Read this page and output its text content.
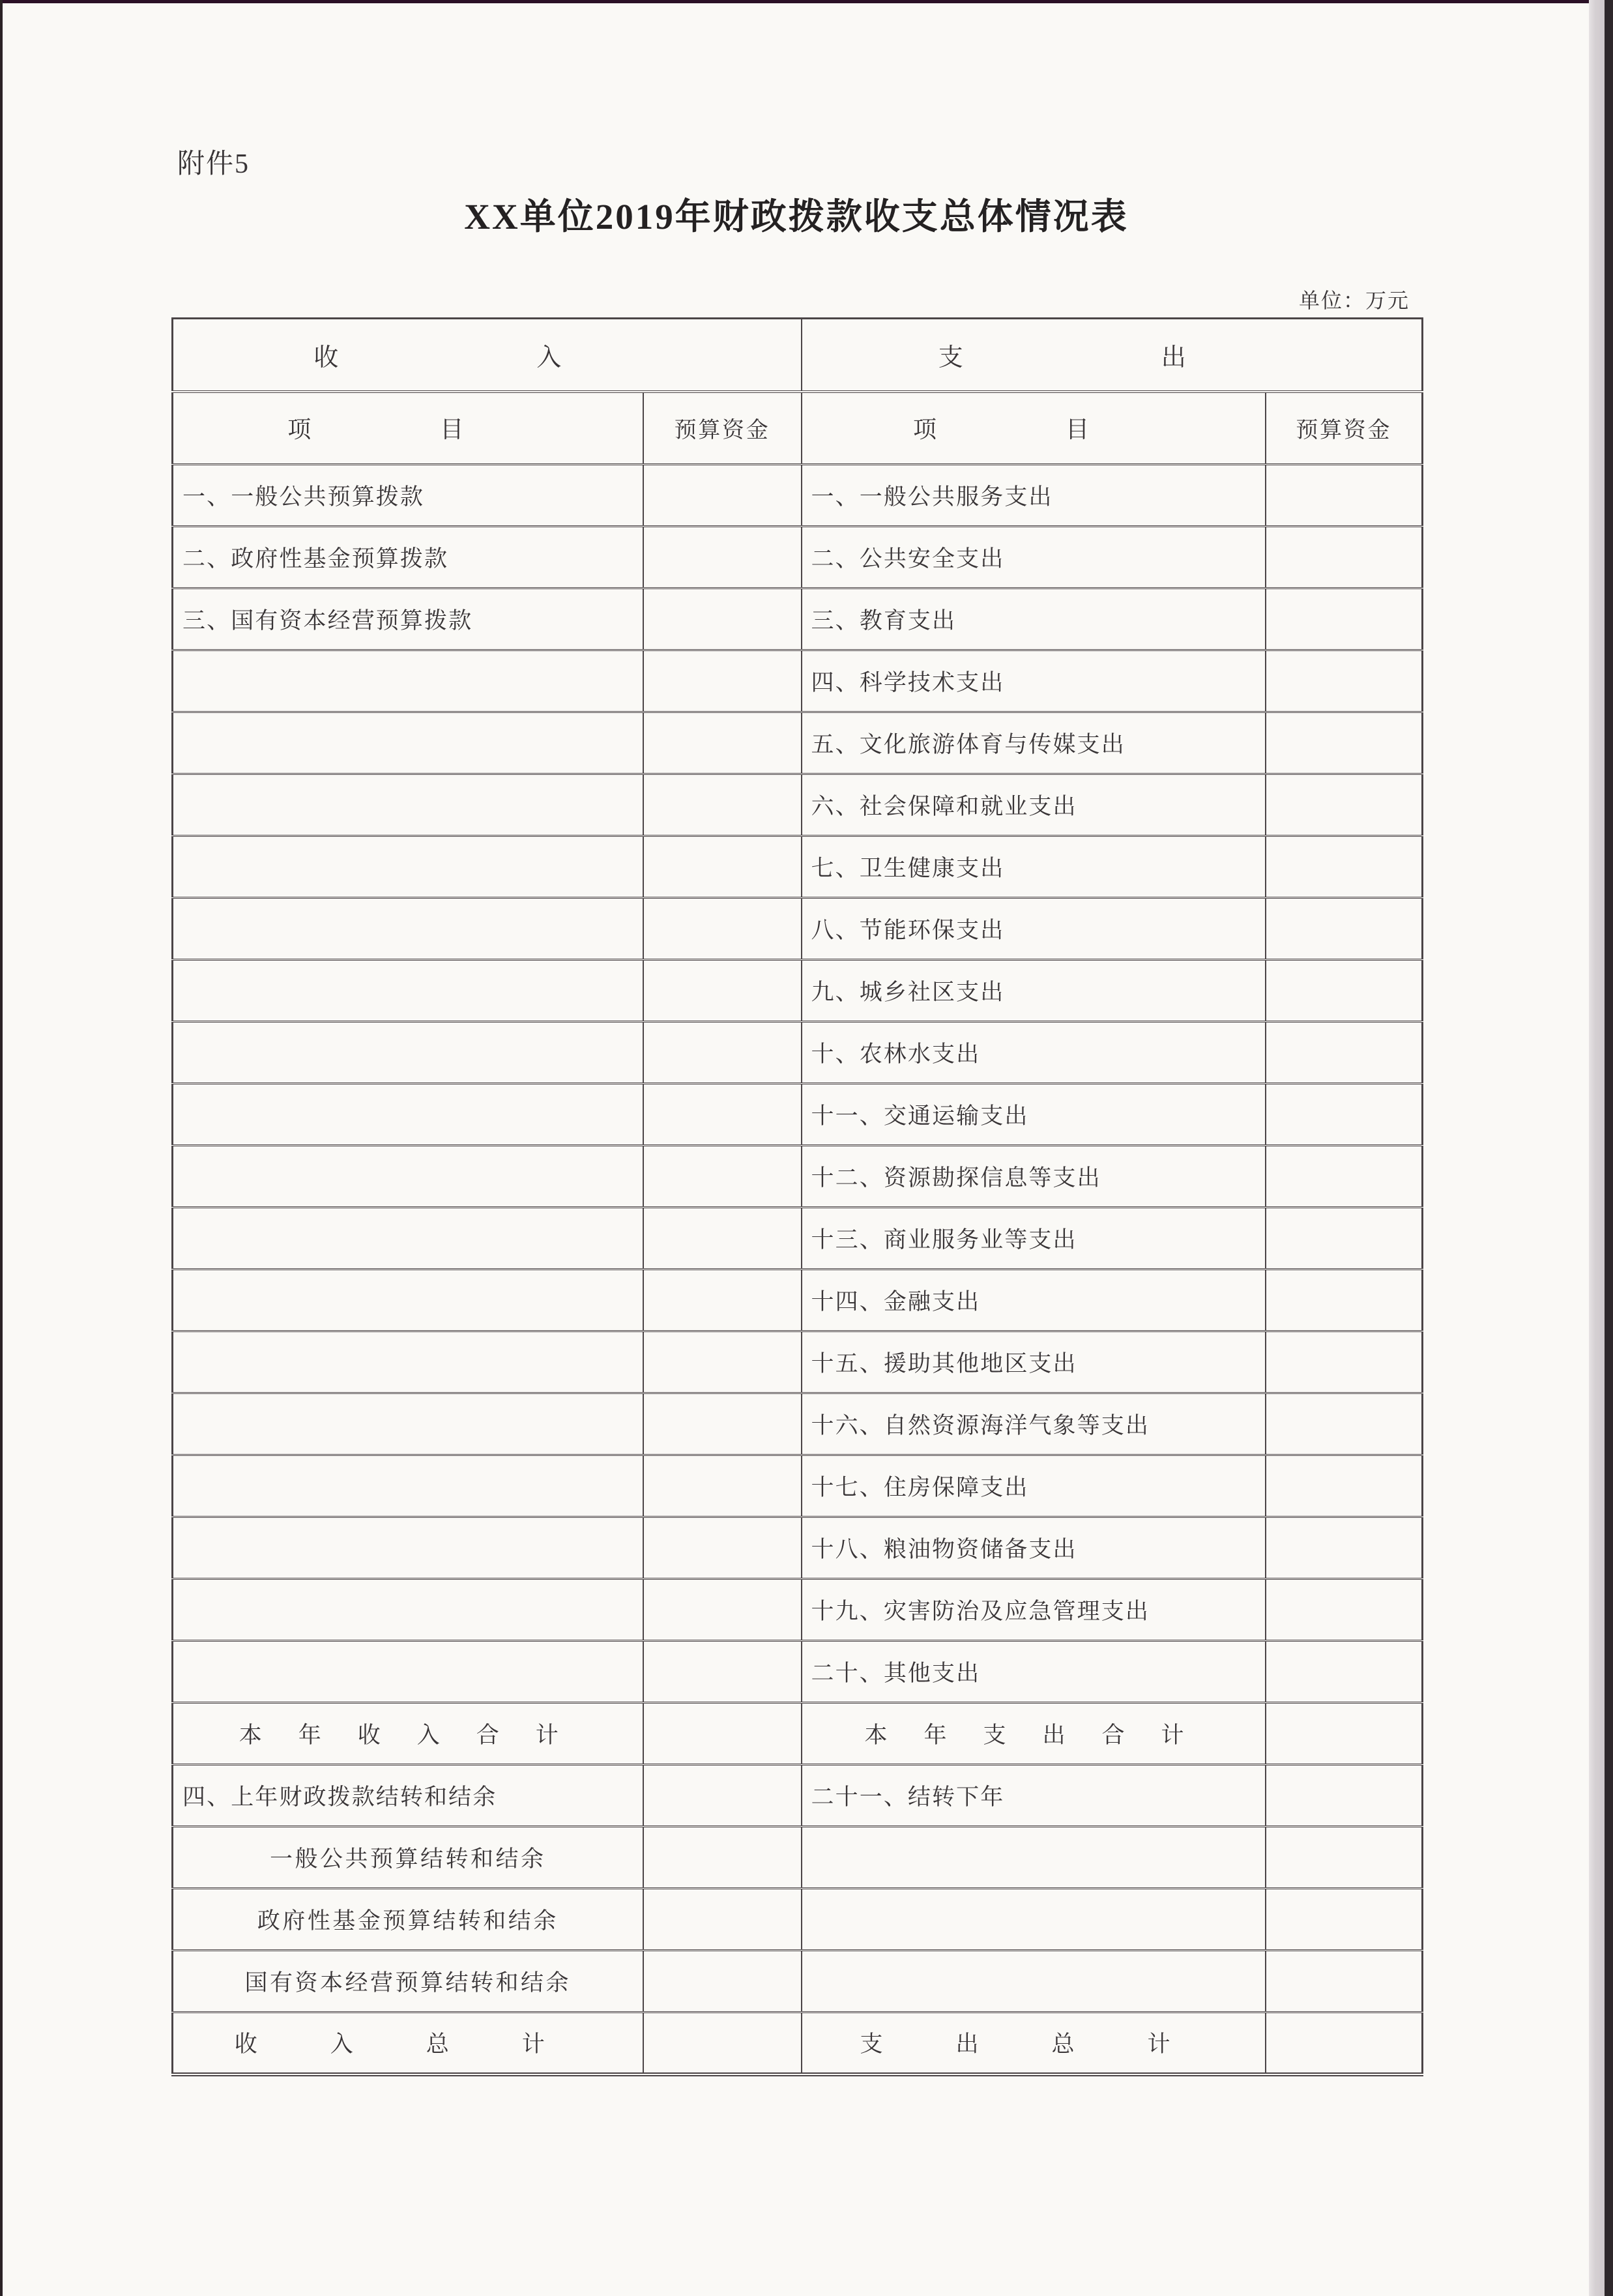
附件5
XX单位2019年财政拨款收支总体情况表
单位：万元
收入		支出	
项目	预算资金	项目	预算资金
一、一般公共预算拨款		一、一般公共服务支出	
二、政府性基金预算拨款		二、公共安全支出	
三、国有资本经营预算拨款		三、教育支出	
		四、科学技术支出	
		五、文化旅游体育与传媒支出	
		六、社会保障和就业支出	
		七、卫生健康支出	
		八、节能环保支出	
		九、城乡社区支出	
		十、农林水支出	
		十一、交通运输支出	
		十二、资源勘探信息等支出	
		十三、商业服务业等支出	
		十四、金融支出	
		十五、援助其他地区支出	
		十六、自然资源海洋气象等支出	
		十七、住房保障支出	
		十八、粮油物资储备支出	
		十九、灾害防治及应急管理支出	
		二十、其他支出	
本年收入合计		本年支出合计	
四、上年财政拨款结转和结余		二十一、结转下年	
一般公共预算结转和结余			
政府性基金预算结转和结余			
国有资本经营预算结转和结余			
收入总计		支出总计	
